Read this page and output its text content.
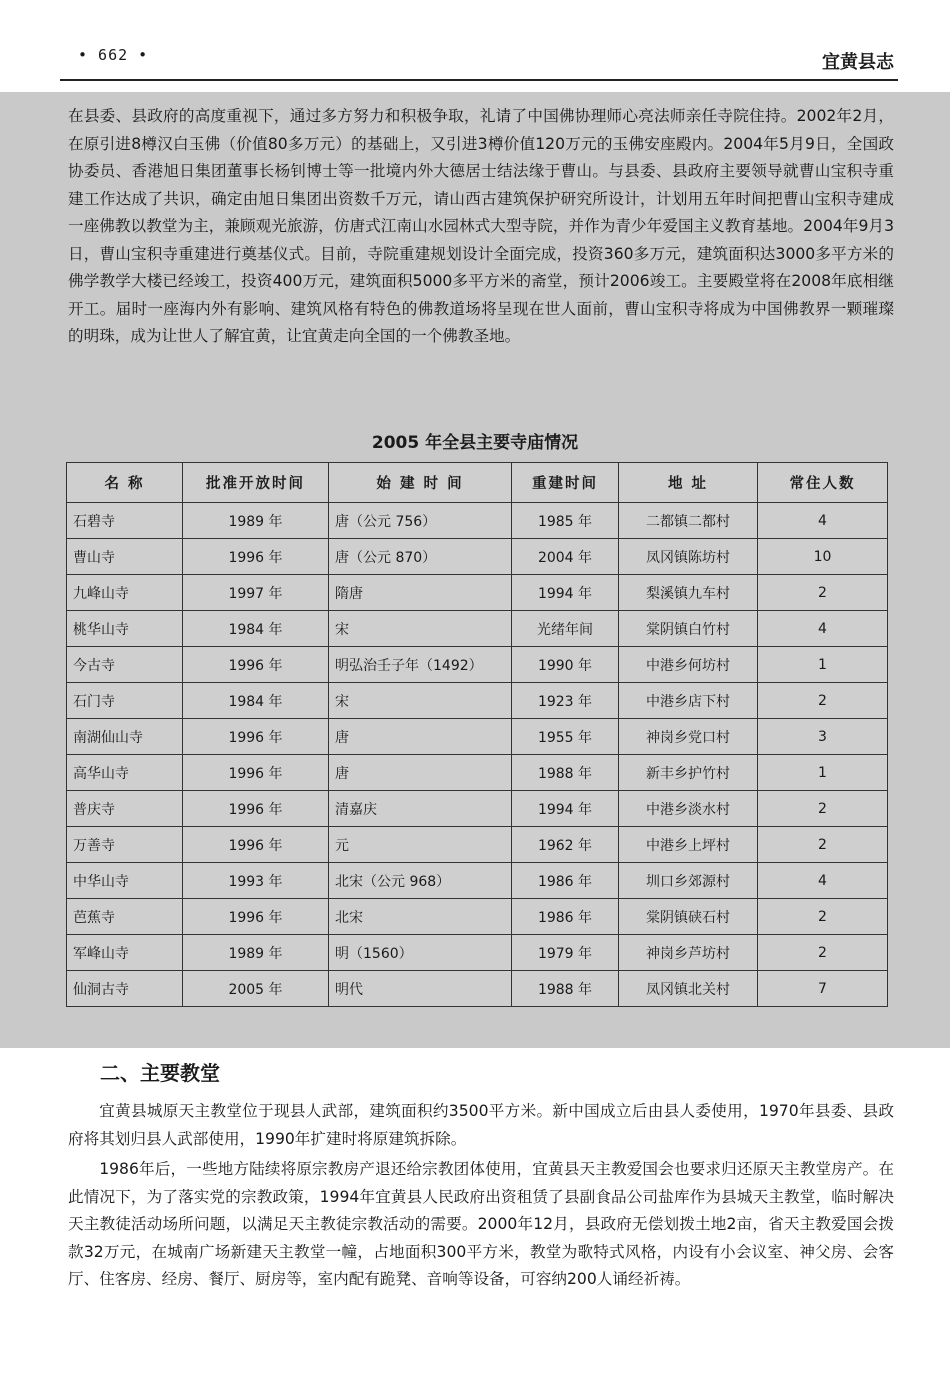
• 662 •	宜黄县志

在县委、县政府的高度重视下，通过多方努力和积极争取，礼请了中国佛协理师心亮法师亲任寺院住持。2002年2月，在原引进8樽汉白玉佛（价值80多万元）的基础上，又引进3樽价值120万元的玉佛安座殿内。2004年5月9日，全国政协委员、香港旭日集团董事长杨钊博士等一批境内外大德居士结法缘于曹山。与县委、县政府主要领导就曹山宝积寺重建工作达成了共识，确定由旭日集团出资数千万元，请山西古建筑保护研究所设计，计划用五年时间把曹山宝积寺建成一座佛教以教堂为主，兼顾观光旅游，仿唐式江南山水园林式大型寺院，并作为青少年爱国主义教育基地。2004年9月3日，曹山宝积寺重建进行奠基仪式。目前，寺院重建规划设计全面完成，投资360多万元，建筑面积达3000多平方米的佛学教学大楼已经竣工，投资400万元，建筑面积5000多平方米的斋堂，预计2006竣工。主要殿堂将在2008年底相继开工。届时一座海内外有影响、建筑风格有特色的佛教道场将呈现在世人面前，曹山宝积寺将成为中国佛教界一颗璀璨的明珠，成为让世人了解宜黄，让宜黄走向全国的一个佛教圣地。

2005 年全县主要寺庙情况
名 称	批准开放时间	始 建 时 间	重建时间	地 址	常住人数
石碧寺	1989 年	唐（公元 756）	1985 年	二都镇二都村	4
曹山寺	1996 年	唐（公元 870）	2004 年	凤冈镇陈坊村	10
九峰山寺	1997 年	隋唐	1994 年	梨溪镇九车村	2
桃华山寺	1984 年	宋	光绪年间	棠阴镇白竹村	4
今古寺	1996 年	明弘治壬子年（1492）	1990 年	中港乡何坊村	1
石门寺	1984 年	宋	1923 年	中港乡店下村	2
南湖仙山寺	1996 年	唐	1955 年	神岗乡党口村	3
高华山寺	1996 年	唐	1988 年	新丰乡护竹村	1
普庆寺	1996 年	清嘉庆	1994 年	中港乡淡水村	2
万善寺	1996 年	元	1962 年	中港乡上坪村	2
中华山寺	1993 年	北宋（公元 968）	1986 年	圳口乡郊源村	4
芭蕉寺	1996 年	北宋	1986 年	棠阴镇硖石村	2
军峰山寺	1989 年	明（1560）	1979 年	神岗乡芦坊村	2
仙洞古寺	2005 年	明代	1988 年	凤冈镇北关村	7
二、主要教堂

宜黄县城原天主教堂位于现县人武部，建筑面积约3500平方米。新中国成立后由县人委使用，1970年县委、县政府将其划归县人武部使用，1990年扩建时将原建筑拆除。

1986年后，一些地方陆续将原宗教房产退还给宗教团体使用，宜黄县天主教爱国会也要求归还原天主教堂房产。在此情况下，为了落实党的宗教政策，1994年宜黄县人民政府出资租赁了县副食品公司盐库作为县城天主教堂，临时解决天主教徒活动场所问题，以满足天主教徒宗教活动的需要。2000年12月，县政府无偿划拨土地2亩，省天主教爱国会拨款32万元，在城南广场新建天主教堂一幢，占地面积300平方米，教堂为歌特式风格，内设有小会议室、神父房、会客厅、住客房、经房、餐厅、厨房等，室内配有跪凳、音响等设备，可容纳200人诵经祈祷。
